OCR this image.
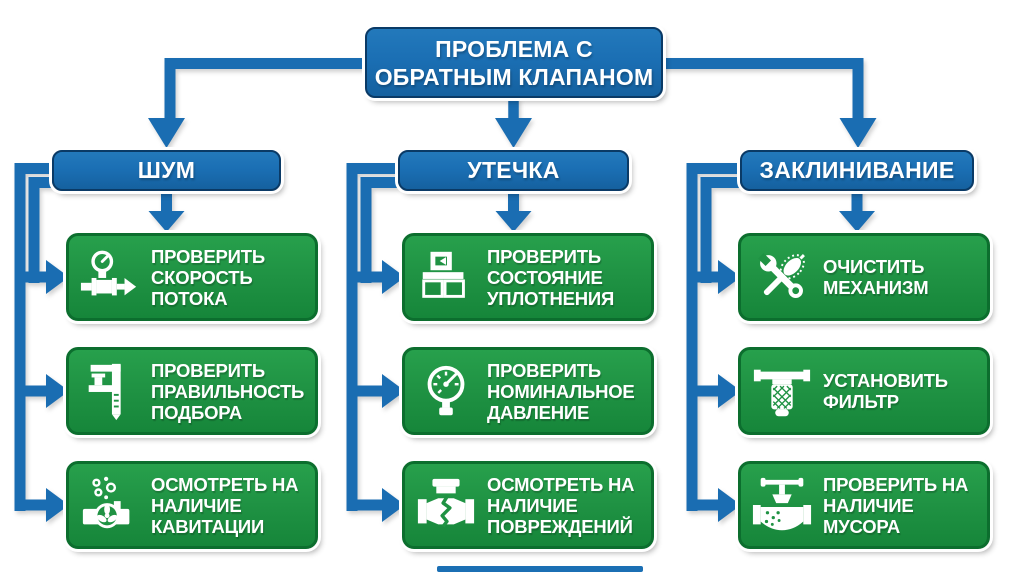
ПРОБЛЕМА С
ОБРАТНЫМ КЛАПАНОМ
ШУМ	УТЕЧКА	ЗАКЛИНИВАНИЕ
ПРОВЕРИТЬ СКОРОСТЬ ПОТОКА
ПРОВЕРИТЬ ПРАВИЛЬНОСТЬ ПОДБОРА
ОСМОТРЕТЬ НА НАЛИЧИЕ КАВИТАЦИИ
ПРОВЕРИТЬ СОСТОЯНИЕ УПЛОТНЕНИЯ
ПРОВЕРИТЬ НОМИНАЛЬНОЕ ДАВЛЕНИЕ
ОСМОТРЕТЬ НА НАЛИЧИЕ ПОВРЕЖДЕНИЙ
ОЧИСТИТЬ МЕХАНИЗМ
УСТАНОВИТЬ ФИЛЬТР
ПРОВЕРИТЬ НА НАЛИЧИЕ МУСОРА
